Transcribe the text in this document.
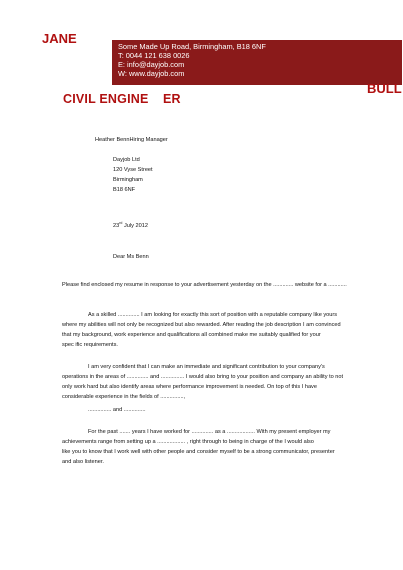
JANE
Some Made Up Road, Birmingham, B18 6NF
T: 0044 121 638 0026
E: info@dayjob.com
W: www.dayjob.com
BULL
CIVIL ENGINE ER
Heather BennHiring Manager
Dayjob Ltd
120 Vyse Street
Birmingham
B18 6NF
23rd July 2012
Dear Ms Benn
Please find enclosed my resume in response to your advertisement yesterday on the ............. website for a ............
As a skilled .............. I am looking for exactly this sort of position with a reputable company like yours
where my abilities will not only be recognized but also rewarded. After reading the job description I am convinced
that my background, work experience and qualifications all combined make me suitably qualified for your
spec ific requirements.
I am very confident that I can make an immediate and significant contribution to your company's
operations in the areas of .............. and ............... I would also bring to your position and company an ability to not
only work hard but also identify areas where performance improvement is needed. On top of this I have
considerable experience in the fields of ...............,
............... and ..............
For the past ....... years I have worked for .............. as a .................. With my present employer my
achievements range from setting up a .................. , right through to being in charge of the I would also
like you to know that I work well with other people and consider myself to be a strong communicator, presenter
and also listener.
